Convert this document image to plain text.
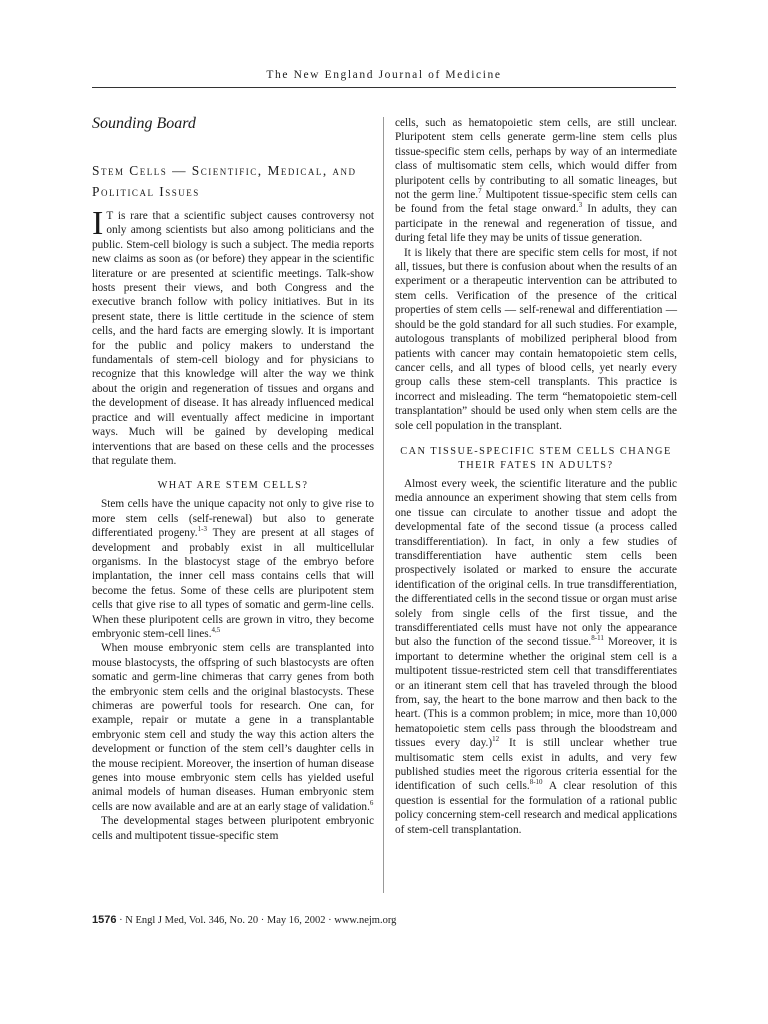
The New England Journal of Medicine

Sounding Board

Stem Cells — Scientific, Medical, and Political Issues

I T is rare that a scientific subject causes controversy not only among scientists but also among politicians and the public. Stem-cell biology is such a subject. The media reports new claims as soon as (or before) they appear in the scientific literature or are presented at scientific meetings. Talk-show hosts present their views, and both Congress and the executive branch follow with policy initiatives. But in its present state, there is little certitude in the science of stem cells, and the hard facts are emerging slowly. It is important for the public and policy makers to understand the fundamentals of stem-cell biology and for physicians to recognize that this knowledge will alter the way we think about the origin and regeneration of tissues and organs and the development of disease. It has already influenced medical practice and will eventually affect medicine in important ways. Much will be gained by developing medical interventions that are based on these cells and the processes that regulate them.

WHAT ARE STEM CELLS?

Stem cells have the unique capacity not only to give rise to more stem cells (self-renewal) but also to generate differentiated progeny.$^{1-3}$ They are present at all stages of development and probably exist in all multicellular organisms. In the blastocyst stage of the embryo before implantation, the inner cell mass contains cells that will become the fetus. Some of these cells are pluripotent stem cells that give rise to all types of somatic and germ-line cells. When these pluripotent cells are grown in vitro, they become embryonic stem-cell lines.$^{4,5}$

When mouse embryonic stem cells are transplanted into mouse blastocysts, the offspring of such blastocysts are often somatic and germ-line chimeras that carry genes from both the embryonic stem cells and the original blastocysts. These chimeras are powerful tools for research. One can, for example, repair or mutate a gene in a transplantable embryonic stem cell and study the way this action alters the development or function of the stem cell’s daughter cells in the mouse recipient. Moreover, the insertion of human disease genes into mouse embryonic stem cells has yielded useful animal models of human diseases. Human embryonic stem cells are now available and are at an early stage of validation.$^6$

The developmental stages between pluripotent embryonic cells and multipotent tissue-specific stem

cells, such as hematopoietic stem cells, are still unclear. Pluripotent stem cells generate germ-line stem cells plus tissue-specific stem cells, perhaps by way of an intermediate class of multisomatic stem cells, which would differ from pluripotent cells by contributing to all somatic lineages, but not the germ line.$^7$ Multipotent tissue-specific stem cells can be found from the fetal stage onward.$^3$ In adults, they can participate in the renewal and regeneration of tissue, and during fetal life they may be units of tissue generation.

It is likely that there are specific stem cells for most, if not all, tissues, but there is confusion about when the results of an experiment or a therapeutic intervention can be attributed to stem cells. Verification of the presence of the critical properties of stem cells — self-renewal and differentiation — should be the gold standard for all such studies. For example, autologous transplants of mobilized peripheral blood from patients with cancer may contain hematopoietic stem cells, cancer cells, and all types of blood cells, yet nearly every group calls these stem-cell transplants. This practice is incorrect and misleading. The term “hematopoietic stem-cell transplantation” should be used only when stem cells are the sole cell population in the transplant.

CAN TISSUE-SPECIFIC STEM CELLS CHANGE THEIR FATES IN ADULTS?

Almost every week, the scientific literature and the public media announce an experiment showing that stem cells from one tissue can circulate to another tissue and adopt the developmental fate of the second tissue (a process called transdifferentiation). In fact, in only a few studies of transdifferentiation have authentic stem cells been prospectively isolated or marked to ensure the accurate identification of the original cells. In true transdifferentiation, the differentiated cells in the second tissue or organ must arise solely from single cells of the first tissue, and the transdifferentiated cells must have not only the appearance but also the function of the second tissue.$^{8-11}$ Moreover, it is important to determine whether the original stem cell is a multipotent tissue-restricted stem cell that transdifferentiates or an itinerant stem cell that has traveled through the blood from, say, the heart to the bone marrow and then back to the heart. (This is a common problem; in mice, more than 10,000 hematopoietic stem cells pass through the bloodstream and tissues every day.)$^{12}$ It is still unclear whether true multisomatic stem cells exist in adults, and very few published studies meet the rigorous criteria essential for the identification of such cells.$^{8-10}$ A clear resolution of this question is essential for the formulation of a rational public policy concerning stem-cell research and medical applications of stem-cell transplantation.

1576 · N Engl J Med, Vol. 346, No. 20 · May 16, 2002 · www.nejm.org
